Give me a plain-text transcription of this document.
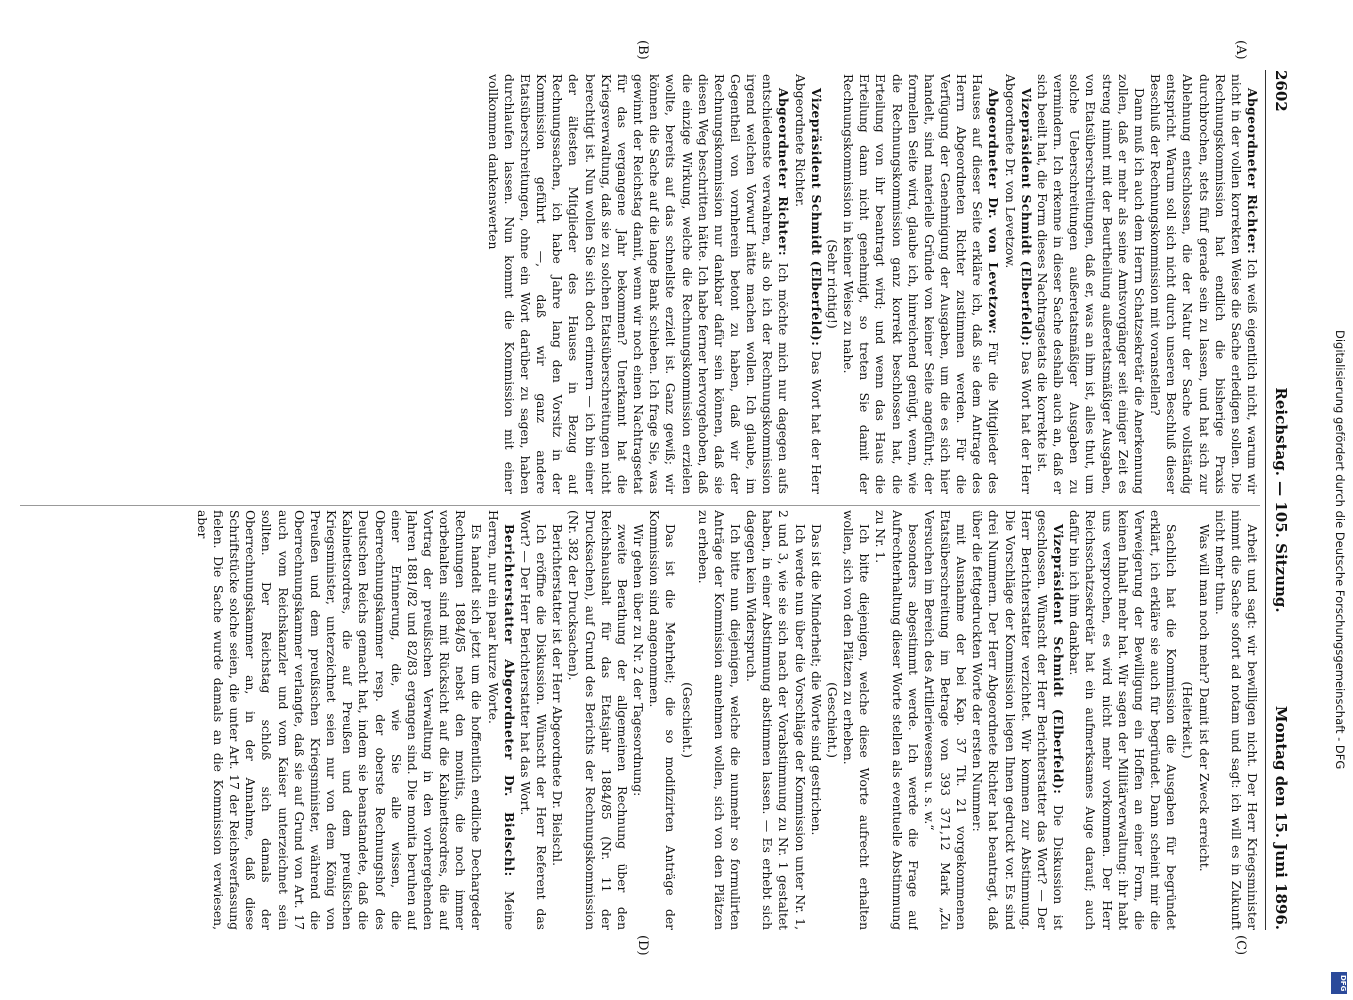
2602
Reichstag. — 105. Sitzung.
Montag den 15. Juni 1896.
(A)
(B)
(C)
(D)

Abgeordneter Richter: Ich weiß eigentlich nicht, warum wir nicht in der vollen korrekten Weise die Sache erledigen sollen. Die Rechnungskommission hat endlich die bisherige Praxis durchbrochen, stets fünf gerade sein zu lassen, und hat sich zur Ablehnung entschlossen, die der Natur der Sache vollständig entspricht. Warum soll sich nicht durch unseren Beschluß dieser Beschluß der Rechnungskommission mit voranstellen?

Dann muß ich auch dem Herrn Schatzsekretär die Anerkennung zollen, daß er mehr als seine Amtsvorgänger seit einiger Zeit es streng nimmt mit der Beurtheilung außeretatsmäßiger Ausgaben, von Etatsüberschreitungen, daß er, was an ihm ist, alles thut, um solche Ueberschreitungen außeretatsmäßiger Ausgaben zu vermindern. Ich erkenne in dieser Sache deshalb auch an, daß er sich beeilt hat, die Form dieses Nachtragsetats die korrekte ist.

Vizepräsident Schmidt (Elberfeld): Das Wort hat der Herr Abgeordnete Dr. von Levetzow.

Abgeordneter Dr. von Levetzow: Für die Mitglieder des Hauses auf dieser Seite erkläre ich, daß sie dem Antrage des Herrn Abgeordneten Richter zustimmen werden. Für die Verfügung der Genehmigung der Ausgaben, um die es sich hier handelt, sind materielle Gründe von keiner Seite angeführt; der formellen Seite wird, glaube ich, hinreichend genügt, wenn, wie die Rechnungskommission ganz korrekt beschlossen hat, die Erteilung von ihr beantragt wird; und wenn das Haus die Erteilung dann nicht genehmigt, so treten Sie damit der Rechnungskommission in keiner Weise zu nahe.

(Sehr richtig!)

Vizepräsident Schmidt (Elberfeld): Das Wort hat der Herr Abgeordnete Richter.

Abgeordneter Richter: Ich möchte mich nur dagegen aufs entschiedenste verwahren, als ob ich der Rechnungskommission irgend welchen Vorwurf hätte machen wollen. Ich glaube, im Gegentheil von vornherein betont zu haben, daß wir der Rechnungskommission nur dankbar dafür sein können, daß sie diesen Weg beschritten hätte. Ich habe ferner hervorgehoben, daß die einzige Wirkung, welche die Rechnungskommission erzielen wollte, bereits auf das schnellste erzielt ist. Ganz gewiß; wir können die Sache auf die lange Bank schieben. Ich frage Sie, was gewinnt der Reichstag damit, wenn wir noch einen Nachtragsetat für das vergangene Jahr bekommen? Unerkannt hat die Kriegsverwaltung, daß sie zu solchen Etatsüberschreitungen nicht berechtigt ist. Nun wollen Sie sich doch erinnern — ich bin einer der ältesten Mitglieder des Hauses in Bezug auf Rechnungssachen, ich habe Jahre lang den Vorsitz in der Kommission geführt —, daß wir ganz andere Etatsüberschreitungen, ohne ein Wort darüber zu sagen, haben durchlaufen lassen. Nun kommt die Kommission mit einer vollkommen dankenswerten

Arbeit und sagt: wir bewilligen nicht. Der Herr Kriegsminister nimmt die Sache sofort ad notam und sagt: ich will es in Zukunft nicht mehr thun.

Was will man noch mehr? Damit ist der Zweck erreicht.

(Heiterkeit.)

Sachlich hat die Kommission die Ausgaben für begründet erklärt, ich erkläre sie auch für begründet. Dann scheint mir die Verweigerung der Bewilligung ein Hoffen an einer Form, die keinen Inhalt mehr hat. Wir sagen der Militärverwaltung: ihr habt uns versprochen, es wird nicht mehr vorkommen. Der Herr Reichsschatzsekretär hat ein aufmerksames Auge darauf; auch dafür bin ich ihm dankbar.

Vizepräsident Schmidt (Elberfeld): Die Diskussion ist geschlossen. Wünscht der Herr Berichterstatter das Wort? — Der Herr Berichterstatter verzichtet. Wir kommen zur Abstimmung. Die Vorschläge der Kommission liegen Ihnen gedruckt vor. Es sind drei Nummern. Der Herr Abgeordnete Richter hat beantragt, daß über die fettgedruckten Worte der ersten Nummer:

mit Ausnahme der bei Kap. 37 Tit. 21 vorgekommenen Etatsüberschreitung im Betrage von 393 371,12 Mark „Zu Versuchen im Bereich des Artilleriewesens u. s. w.“

besonders abgestimmt werde. Ich werde die Frage auf Aufrechterhaltung dieser Worte stellen als eventuelle Abstimmung zu Nr. 1.

Ich bitte diejenigen, welche diese Worte aufrecht erhalten wollen, sich von den Plätzen zu erheben.

(Geschieht.)

Das ist die Minderheit; die Worte sind gestrichen.

Ich werde nun über die Vorschläge der Kommission unter Nr. 1, 2 und 3, wie sie sich nach der Vorabstimmung zu Nr. 1 gestaltet haben, in einer Abstimmung abstimmen lassen. — Es erhebt sich dagegen kein Widerspruch.

Ich bitte nun diejenigen, welche die nunmehr so formulirten Anträge der Kommission annehmen wollen, sich von den Plätzen zu erheben.

(Geschieht.)

Das ist die Mehrheit; die so modifizirten Anträge der Kommission sind angenommen.

Wir gehen über zu Nr. 2 der Tagesordnung:

zweite Berathung der allgemeinen Rechnung über den Reichshaushalt für das Etatsjahr 1884/85 (Nr. 11 der Drucksachen), auf Grund des Berichts der Rechnungskommission (Nr. 382 der Drucksachen).

Berichterstatter ist der Herr Abgeordnete Dr. Bielschl.

Ich eröffne die Diskussion. Wünscht der Herr Referent das Wort? — Der Herr Berichterstatter hat das Wort.

Berichterstatter Abgeordneter Dr. Bielschl: Meine Herren, nur ein paar kurze Worte.

Es handelt sich jetzt um die hoffentlich endliche Dechargeder Rechnungen 1884/85 nebst den monitis, die noch immer vorbehalten sind mit Rücksicht auf die Kabinettsordres, die auf Vortrag der preußischen Verwaltung in den vorhergehenden Jahren 1881/82 und 82/83 ergangen sind. Die monita beruhen auf einer Erinnerung, die, wie Sie alle wissen, die Oberrechnungskammer resp. der oberste Rechnungshof des Deutschen Reichs gemacht hat, indem sie beanstandete, daß die Kabinettsordres, die auf Preußen und dem preußischen Kriegsminister, unterzeichnet seien nur von dem König von Preußen und dem preußischen Kriegsminister, während die Oberrechnungskammer verlangte, daß sie auf Grund von Art. 17 auch vom Reichskanzler und vom Kaiser unterzeichnet sein sollten. Der Reichstag schloß sich damals der Oberrechnungskammer an, in der Annahme, daß diese Schriftstücke solche seien, die unter Art. 17 der Reichsverfassung fielen. Die Sache wurde damals an die Kommission verwiesen, aber	Digitalisierung gefördert durch die Deutsche Forschungsgemeinschaft - DFG
DFG
